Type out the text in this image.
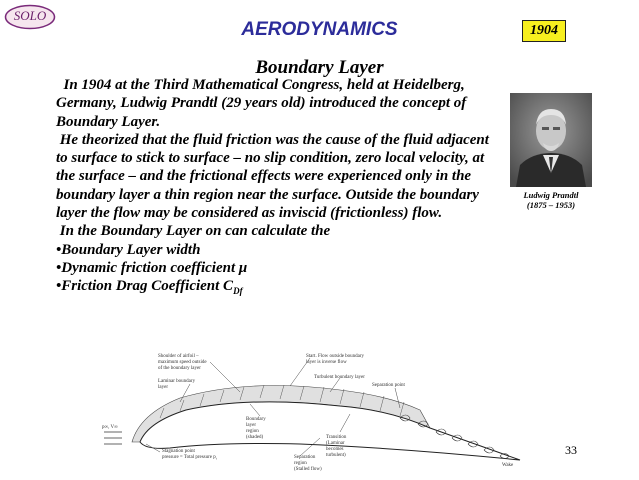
SOLO
AERODYNAMICS	1904
Boundary Layer

In 1904 at the Third Mathematical Congress, held at Heidelberg, Germany, Ludwig Prandtl (29 years old) introduced the concept of Boundary Layer.

He theorized that the fluid friction was the cause of the fluid adjacent to surface to stick to surface – no slip condition, zero local velocity, at the surface – and the frictional effects were experienced only in the boundary layer a thin region near the surface. Outside the boundary layer the flow may be considered as inviscid (frictionless) flow.

In the Boundary Layer on can calculate the

•Boundary Layer width
•Dynamic friction coefficient μ
•Friction Drag Coefficient $C_{Df}$
Ludwig Prandtl
(1875 – 1953)
p∞, V∞
Shoulder of airfoil – maximum speed outside of the boundary layer
Start. Flow outside boundary layer is inverse flow
Turbulent boundary layer
Laminar boundary layer	Separation point
Boundary layer region (shaded)	Transition (Laminar becomes turbulent)
Stagnation point pressure = Total pressure $p_t$	Separation region (Stalled flow)
Wake
33
